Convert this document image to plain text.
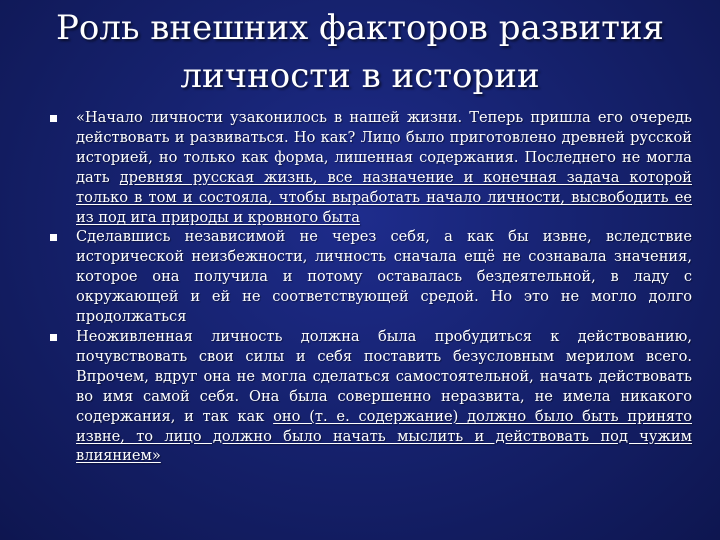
Роль внешних факторов развития
личности в истории
«Начало личности узаконилось в нашей жизни. Теперь пришла его очередь действовать и развиваться. Но как? Лицо было приготовлено древней русской историей, но только как форма, лишенная содержания. Последнего не могла дать древняя русская жизнь, все назначение и конечная задача которой только в том и состояла, чтобы выработать начало личности, высвободить ее из под ига природы и кровного быта
Сделавшись независимой не через себя, а как бы извне, вследствие исторической неизбежности, личность сначала ещё не сознавала значения, которое она получила и потому оставалась бездеятельной, в ладу с окружающей и ей не соответствующей средой. Но это не могло долго продолжаться
Неоживленная личность должна была пробудиться к действованию, почувствовать свои силы и себя поставить безусловным мерилом всего. Впрочем, вдруг она не могла сделаться самостоятельной, начать действовать во имя самой себя. Она была совершенно неразвита, не имела никакого содержания, и так как оно (т. е. содержание) должно было быть принято извне, то лицо должно было начать мыслить и действовать под чужим влиянием»
